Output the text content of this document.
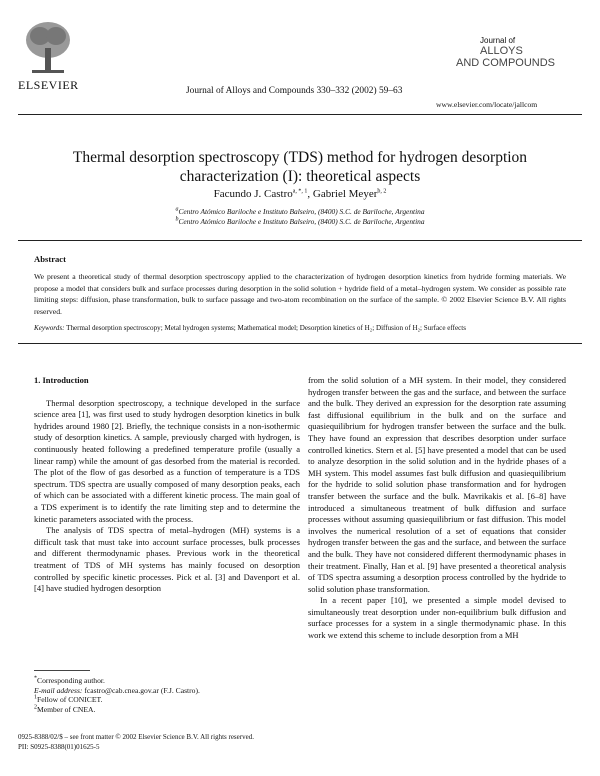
ELSEVIER	Journal of Alloys and Compounds 330–332 (2002) 59–63
Journal of
ALLOYS
AND COMPOUNDS
www.elsevier.com/locate/jallcom
Thermal desorption spectroscopy (TDS) method for hydrogen desorption
characterization (I): theoretical aspects
Facundo J. Castro$^{a, *, 1}$, Gabriel Meyer$^{b, 2}$
$^a$Centro Atómico Bariloche e Instituto Balseiro, (8400) S.C. de Bariloche, Argentina
$^b$Centro Atómico Bariloche e Instituto Balseiro, (8400) S.C. de Bariloche, Argentina
Abstract
We present a theoretical study of thermal desorption spectroscopy applied to the characterization of hydrogen desorption kinetics from hydride forming materials. We propose a model that considers bulk and surface processes during desorption in the solid solution + hydride field of a metal–hydrogen system. We consider as possible rate limiting steps: diffusion, phase transformation, bulk to surface passage and two-atom recombination on the surface of the sample. © 2002 Elsevier Science B.V. All rights reserved.
Keywords: Thermal desorption spectroscopy; Metal hydrogen systems; Mathematical model; Desorption kinetics of H₂; Diffusion of H₂; Surface effects

1. Introduction

Thermal desorption spectroscopy, a technique developed in the surface science area [1], was first used to study hydrogen desorption kinetics in bulk hydrides around 1980 [2]. Briefly, the technique consists in a non-isothermic study of desorption kinetics. A sample, previously charged with hydrogen, is continuously heated following a predefined temperature profile (usually a linear ramp) while the amount of gas desorbed from the material is recorded. The plot of the flow of gas desorbed as a function of temperature is a TDS spectrum. TDS spectra are usually composed of many desorption peaks, each of which can be associated with a different kinetic process. The main goal of a TDS experiment is to identify the rate limiting step and to determine the kinetic parameters associated with the process.

The analysis of TDS spectra of metal–hydrogen (MH) systems is a difficult task that must take into account surface processes, bulk processes and different thermodynamic phases. Previous work in the theoretical treatment of TDS of MH systems has mainly focused on desorption controlled by specific kinetic processes. Pick et al. [3] and Davenport et al. [4] have studied hydrogen desorption

*Corresponding author.
E-mail address: fcastro@cab.cnea.gov.ar (F.J. Castro).
$^1$Fellow of CONICET.
$^2$Member of CNEA.

from the solid solution of a MH system. In their model, they considered hydrogen transfer between the gas and the surface, and between the surface and the bulk. They derived an expression for the desorption rate assuming fast diffusional equilibrium in the bulk and on the surface and quasiequilibrium for hydrogen transfer between the surface and the bulk. They have found an expression that describes desorption under surface controlled kinetics. Stern et al. [5] have presented a model that can be used to analyze desorption in the solid solution and in the hydride phases of a MH system. This model assumes fast bulk diffusion and quasiequilibrium for the hydride to solid solution phase transformation and for hydrogen transfer between the surface and the bulk. Mavrikakis et al. [6–8] have introduced a simultaneous treatment of bulk diffusion and surface processes without assuming quasiequilibrium or fast diffusion. This model involves the numerical resolution of a set of equations that consider hydrogen transfer between the gas and the surface, and between the surface and the bulk. They have not considered different thermodynamic phases in their treatment. Finally, Han et al. [9] have presented a theoretical analysis of TDS spectra assuming a desorption process controlled by the hydride to solid solution phase transformation.

In a recent paper [10], we presented a simple model devised to simultaneously treat desorption under non-equilibrium bulk diffusion and surface processes for a system in a single thermodynamic phase. In this work we extend this scheme to include desorption from a MH

0925-8388/02/$ – see front matter © 2002 Elsevier Science B.V. All rights reserved.
PII: S0925-8388(01)01625-5
